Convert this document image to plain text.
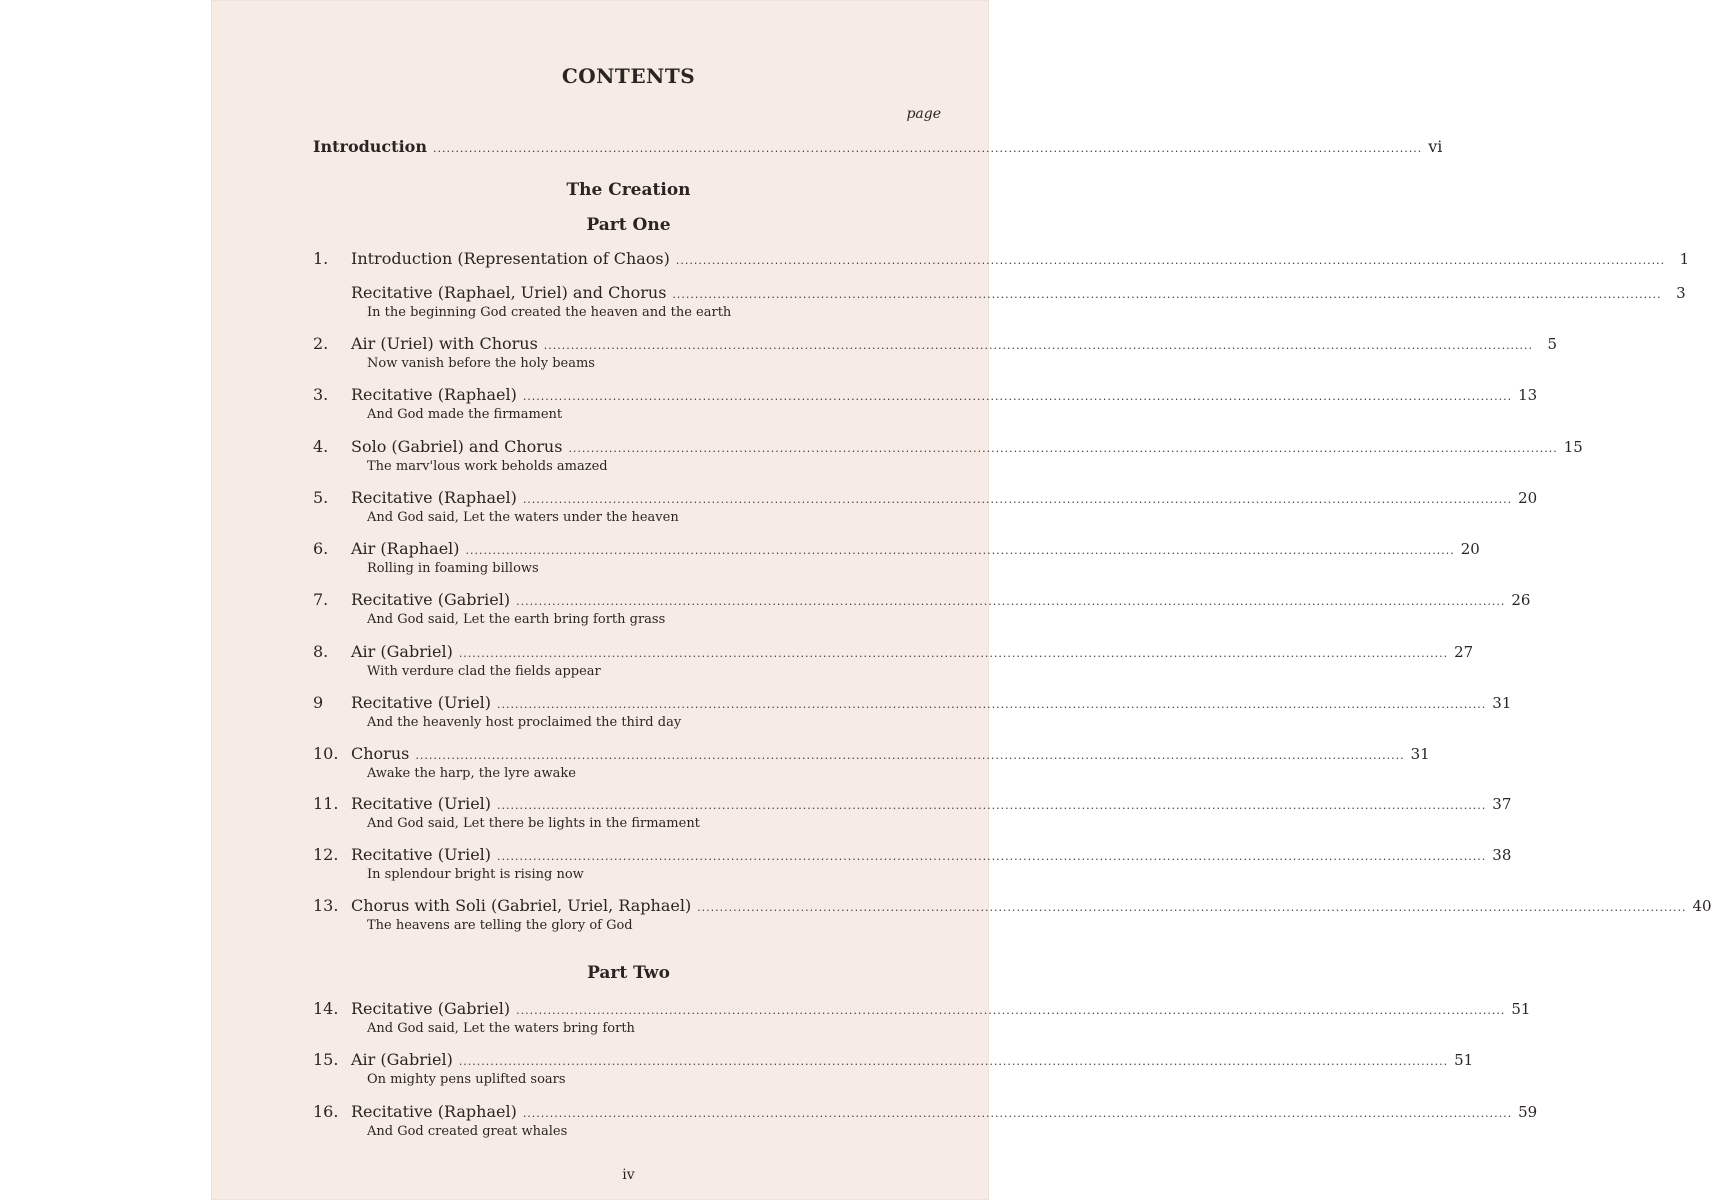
CONTENTS
page
Introduction ............................................................................................................................................................................................................................ vi
The Creation
Part One
Part Two
1.	Introduction (Representation of Chaos) ............................................................................................................................................................................................................................ 1
Recitative (Raphael, Uriel) and Chorus ............................................................................................................................................................................................................................ 3
In the beginning God created the heaven and the earth
2.	Air (Uriel) with Chorus ............................................................................................................................................................................................................................ 5
Now vanish before the holy beams
3.	Recitative (Raphael) ............................................................................................................................................................................................................................ 13
And God made the firmament
4.	Solo (Gabriel) and Chorus ............................................................................................................................................................................................................................ 15
The marv'lous work beholds amazed
5.	Recitative (Raphael) ............................................................................................................................................................................................................................ 20
And God said, Let the waters under the heaven
6.	Air (Raphael) ............................................................................................................................................................................................................................ 20
Rolling in foaming billows
7.	Recitative (Gabriel) ............................................................................................................................................................................................................................ 26
And God said, Let the earth bring forth grass
8.	Air (Gabriel) ............................................................................................................................................................................................................................ 27
With verdure clad the fields appear
9	Recitative (Uriel) ............................................................................................................................................................................................................................ 31
And the heavenly host proclaimed the third day
10. Chorus ............................................................................................................................................................................................................................ 31
Awake the harp, the lyre awake
11. Recitative (Uriel) ............................................................................................................................................................................................................................ 37
And God said, Let there be lights in the firmament
12. Recitative (Uriel) ............................................................................................................................................................................................................................ 38
In splendour bright is rising now
13. Chorus with Soli (Gabriel, Uriel, Raphael) ............................................................................................................................................................................................................................ 40
The heavens are telling the glory of God
14. Recitative (Gabriel) ............................................................................................................................................................................................................................ 51
And God said, Let the waters bring forth
15. Air (Gabriel) ............................................................................................................................................................................................................................ 51
On mighty pens uplifted soars
16. Recitative (Raphael) ............................................................................................................................................................................................................................ 59
And God created great whales
iv
